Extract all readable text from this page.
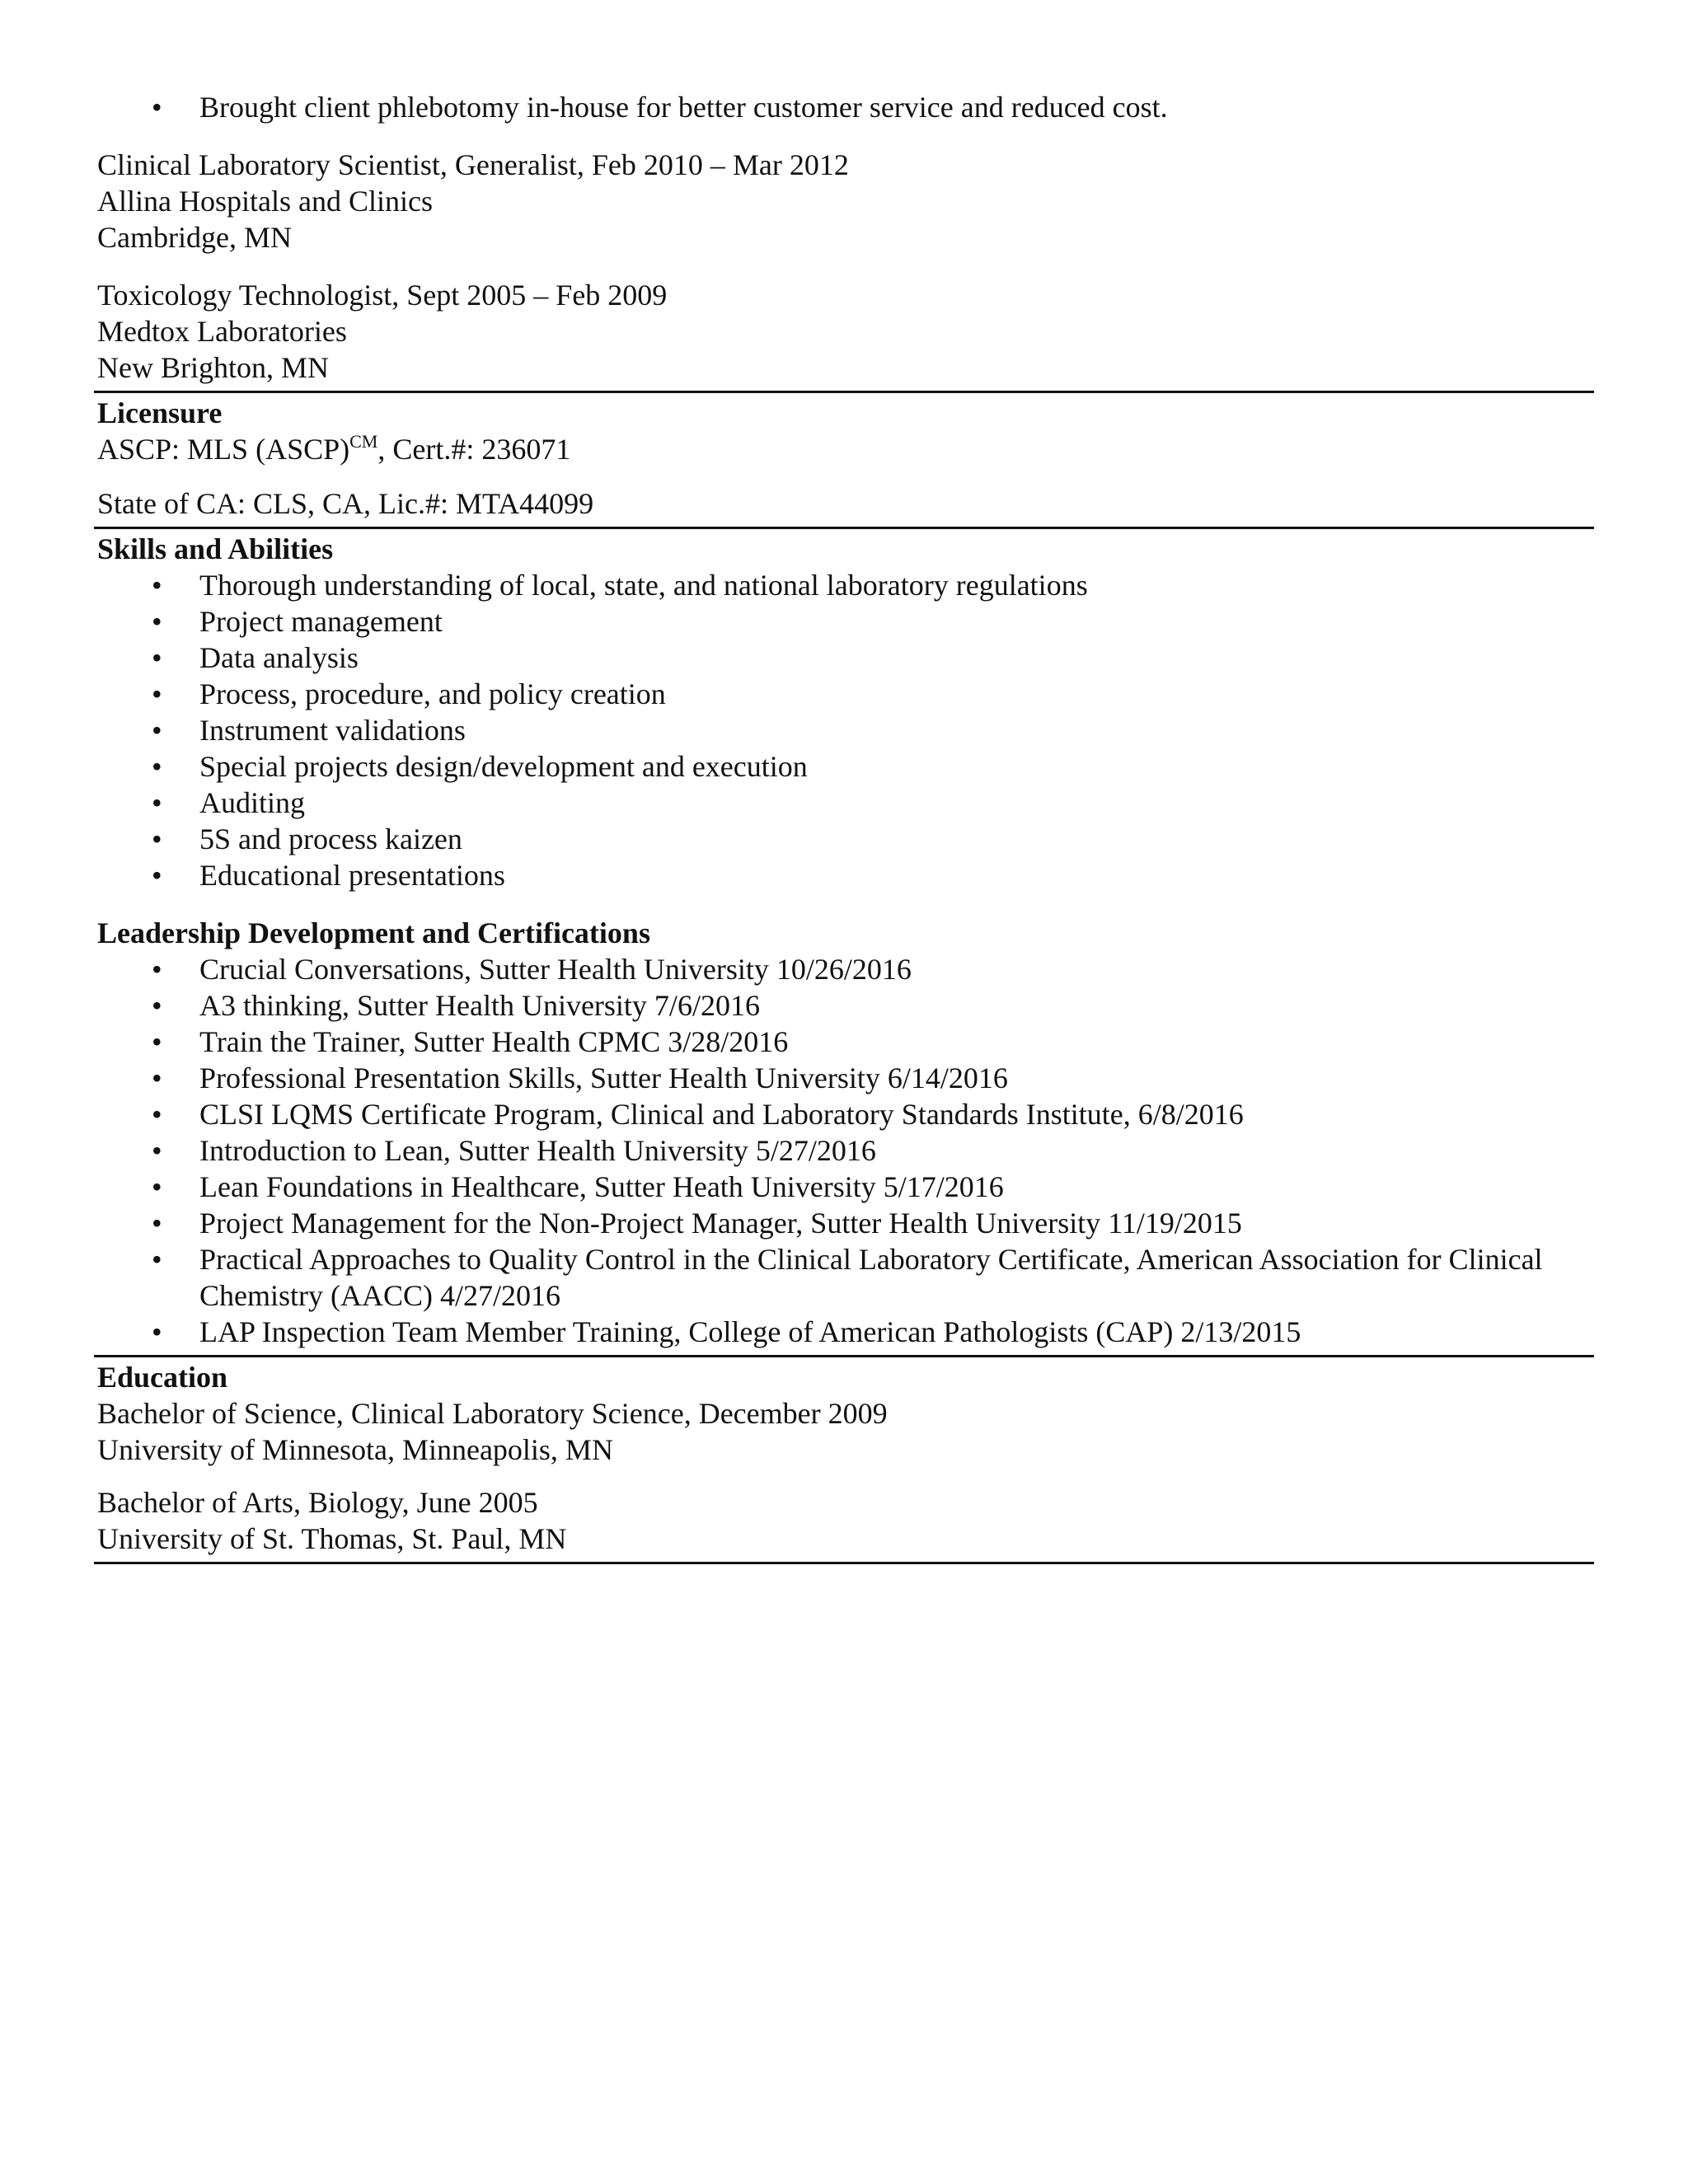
• Brought client phlebotomy in-house for better customer service and reduced cost.
Clinical Laboratory Scientist, Generalist, Feb 2010 – Mar 2012
Allina Hospitals and Clinics
Cambridge, MN
Toxicology Technologist, Sept 2005 – Feb 2009
Medtox Laboratories
New Brighton, MN
Licensure
ASCP: MLS (ASCP)$^{CM}$, Cert.#: 236071
State of CA: CLS, CA, Lic.#: MTA44099
Skills and Abilities
• Thorough understanding of local, state, and national laboratory regulations
• Project management
• Data analysis
• Process, procedure, and policy creation
• Instrument validations
• Special projects design/development and execution
• Auditing
• 5S and process kaizen
• Educational presentations
Leadership Development and Certifications
• Crucial Conversations, Sutter Health University 10/26/2016
• A3 thinking, Sutter Health University 7/6/2016
• Train the Trainer, Sutter Health CPMC 3/28/2016
• Professional Presentation Skills, Sutter Health University 6/14/2016
• CLSI LQMS Certificate Program, Clinical and Laboratory Standards Institute, 6/8/2016
• Introduction to Lean, Sutter Health University 5/27/2016
• Lean Foundations in Healthcare, Sutter Heath University 5/17/2016
• Project Management for the Non-Project Manager, Sutter Health University 11/19/2015
• Practical Approaches to Quality Control in the Clinical Laboratory Certificate, American Association for Clinical Chemistry (AACC) 4/27/2016
• LAP Inspection Team Member Training, College of American Pathologists (CAP) 2/13/2015
Education
Bachelor of Science, Clinical Laboratory Science, December 2009
University of Minnesota, Minneapolis, MN
Bachelor of Arts, Biology, June 2005
University of St. Thomas, St. Paul, MN
